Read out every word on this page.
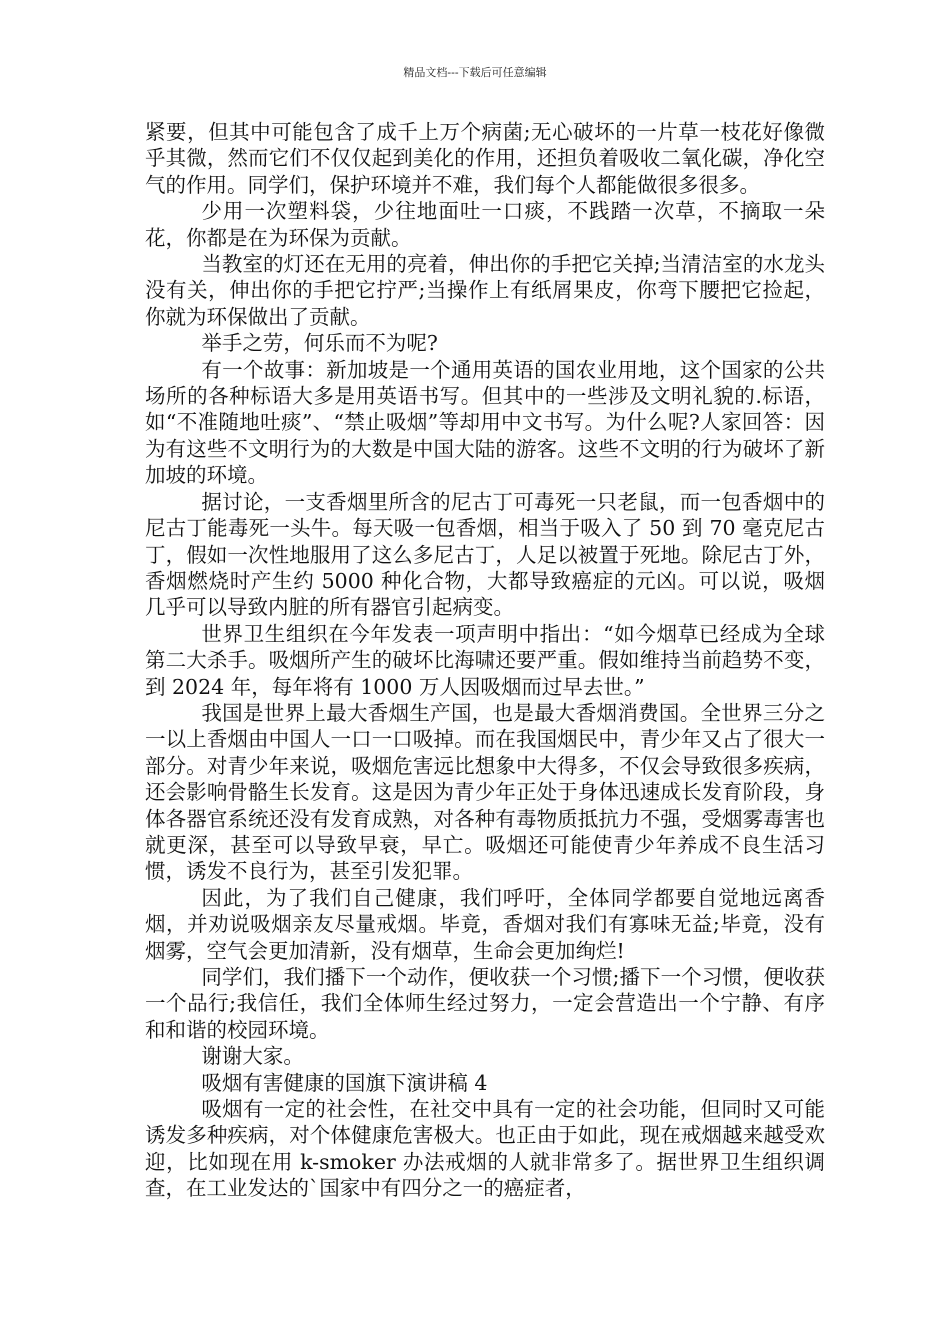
精品文档---下载后可任意编辑

紧要，但其中可能包含了成千上万个病菌;无心破坏的一片草一枝花好像微乎其微，然而它们不仅仅起到美化的作用，还担负着吸收二氧化碳，净化空气的作用。同学们，保护环境并不难，我们每个人都能做很多很多。

少用一次塑料袋，少往地面吐一口痰，不践踏一次草，不摘取一朵花，你都是在为环保为贡献。

当教室的灯还在无用的亮着，伸出你的手把它关掉;当清洁室的水龙头没有关，伸出你的手把它拧严;当操作上有纸屑果皮，你弯下腰把它捡起，你就为环保做出了贡献。

举手之劳，何乐而不为呢?

有一个故事：新加坡是一个通用英语的国农业用地，这个国家的公共场所的各种标语大多是用英语书写。但其中的一些涉及文明礼貌的.标语，如“不准随地吐痰”、“禁止吸烟”等却用中文书写。为什么呢?人家回答：因为有这些不文明行为的大数是中国大陆的游客。这些不文明的行为破坏了新加坡的环境。

据讨论，一支香烟里所含的尼古丁可毒死一只老鼠，而一包香烟中的尼古丁能毒死一头牛。每天吸一包香烟，相当于吸入了 50 到 70 毫克尼古丁，假如一次性地服用了这么多尼古丁，人足以被置于死地。除尼古丁外，香烟燃烧时产生约 5000 种化合物，大都导致癌症的元凶。可以说，吸烟几乎可以导致内脏的所有器官引起病变。

世界卫生组织在今年发表一项声明中指出：“如今烟草已经成为全球第二大杀手。吸烟所产生的破坏比海啸还要严重。假如维持当前趋势不变，到 2024 年，每年将有 1000 万人因吸烟而过早去世。”

我国是世界上最大香烟生产国，也是最大香烟消费国。全世界三分之一以上香烟由中国人一口一口吸掉。而在我国烟民中，青少年又占了很大一部分。对青少年来说，吸烟危害远比想象中大得多，不仅会导致很多疾病，还会影响骨骼生长发育。这是因为青少年正处于身体迅速成长发育阶段，身体各器官系统还没有发育成熟，对各种有毒物质抵抗力不强，受烟雾毒害也就更深，甚至可以导致早衰，早亡。吸烟还可能使青少年养成不良生活习惯，诱发不良行为，甚至引发犯罪。

因此，为了我们自己健康，我们呼吁，全体同学都要自觉地远离香烟，并劝说吸烟亲友尽量戒烟。毕竟，香烟对我们有寡味无益;毕竟，没有烟雾，空气会更加清新，没有烟草，生命会更加绚烂!

同学们，我们播下一个动作，便收获一个习惯;播下一个习惯，便收获一个品行;我信任，我们全体师生经过努力，一定会营造出一个宁静、有序和和谐的校园环境。

谢谢大家。

吸烟有害健康的国旗下演讲稿 4

吸烟有一定的社会性，在社交中具有一定的社会功能，但同时又可能诱发多种疾病，对个体健康危害极大。也正由于如此，现在戒烟越来越受欢迎，比如现在用 k-smoker 办法戒烟的人就非常多了。据世界卫生组织调查，在工业发达的`国家中有四分之一的癌症者，
